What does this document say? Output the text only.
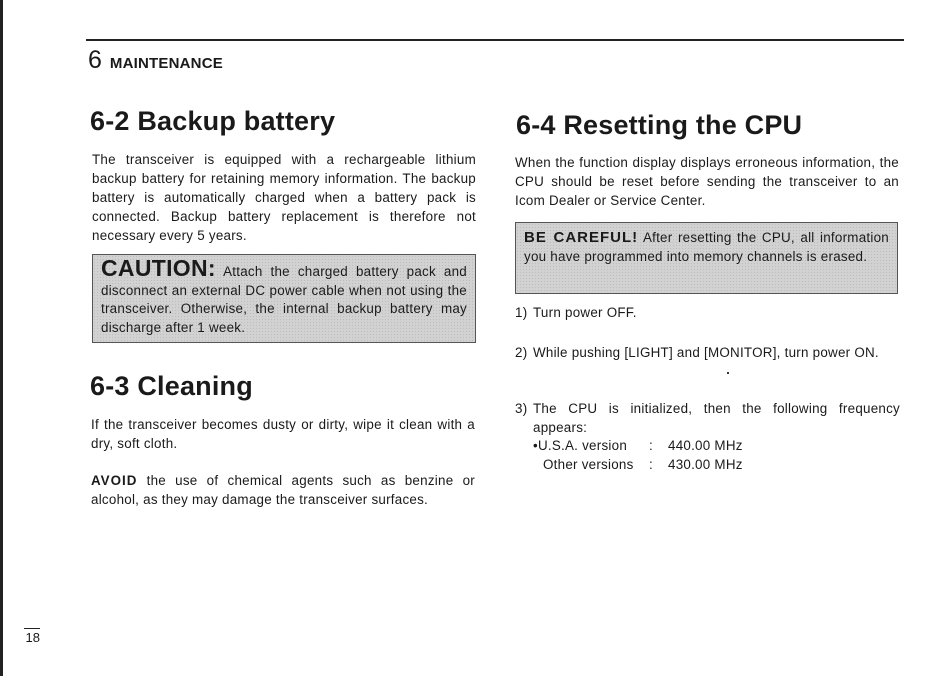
6 MAINTENANCE
6-2 Backup battery

The transceiver is equipped with a rechargeable lithium backup battery for retaining memory information. The backup battery is automatically charged when a battery pack is connected. Backup battery replacement is therefore not necessary every 5 years.

CAUTION: Attach the charged battery pack and disconnect an external DC power cable when not using the transceiver. Otherwise, the internal backup battery may discharge after 1 week.
6-3 Cleaning

If the transceiver becomes dusty or dirty, wipe it clean with a dry, soft cloth.

AVOID the use of chemical agents such as benzine or alcohol, as they may damage the transceiver surfaces.

6-4 Resetting the CPU

When the function display displays erroneous information, the CPU should be reset before sending the transceiver to an Icom Dealer or Service Center.

BE CAREFUL! After resetting the CPU, all information you have programmed into memory channels is erased.
1) Turn power OFF.
2) While pushing [LIGHT] and [MONITOR], turn power ON.
3) The CPU is initialized, then the following frequency appears:
•U.S.A. version : 440.00 MHz
Other versions : 430.00 MHz
18
